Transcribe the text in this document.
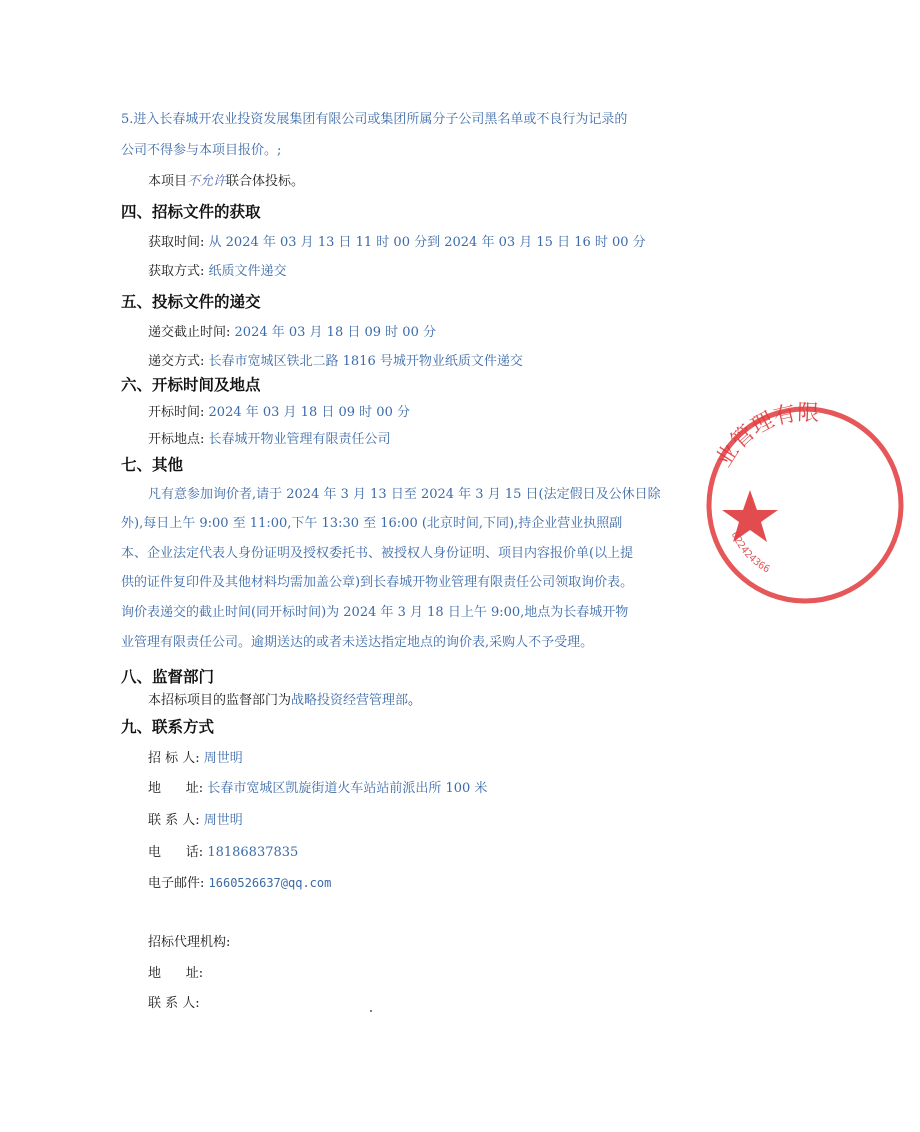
5.进入长春城开农业投资发展集团有限公司或集团所属分子公司黑名单或不良行为记录的
公司不得参与本项目报价。;
本项目不允许联合体投标。
四、招标文件的获取
获取时间: 从 2024 年 03 月 13 日 11 时 00 分到 2024 年 03 月 15 日 16 时 00 分
获取方式: 纸质文件递交
五、投标文件的递交
递交截止时间: 2024 年 03 月 18 日 09 时 00 分
递交方式: 长春市宽城区铁北二路 1816 号城开物业纸质文件递交
六、开标时间及地点
开标时间: 2024 年 03 月 18 日 09 时 00 分
开标地点: 长春城开物业管理有限责任公司
七、其他
凡有意参加询价者,请于 2024 年 3 月 13 日至 2024 年 3 月 15 日(法定假日及公休日除
外),每日上午 9:00 至 11:00,下午 13:30 至 16:00 (北京时间,下同),持企业营业执照副
本、企业法定代表人身份证明及授权委托书、被授权人身份证明、项目内容报价单(以上提
供的证件复印件及其他材料均需加盖公章)到长春城开物业管理有限责任公司领取询价表。
询价表递交的截止时间(同开标时间)为 2024 年 3 月 18 日上午 9:00,地点为长春城开物
业管理有限责任公司。逾期送达的或者未送达指定地点的询价表,采购人不予受理。
八、监督部门
本招标项目的监督部门为战略投资经营管理部。
九、联系方式
招 标 人: 周世明
地      址: 长春市宽城区凯旋街道火车站站前派出所 100 米
联 系 人: 周世明
电      话: 18186837835
电子邮件: 1660526637@qq.com
招标代理机构:
地      址:
联 系 人:
业管理有限
022424366
